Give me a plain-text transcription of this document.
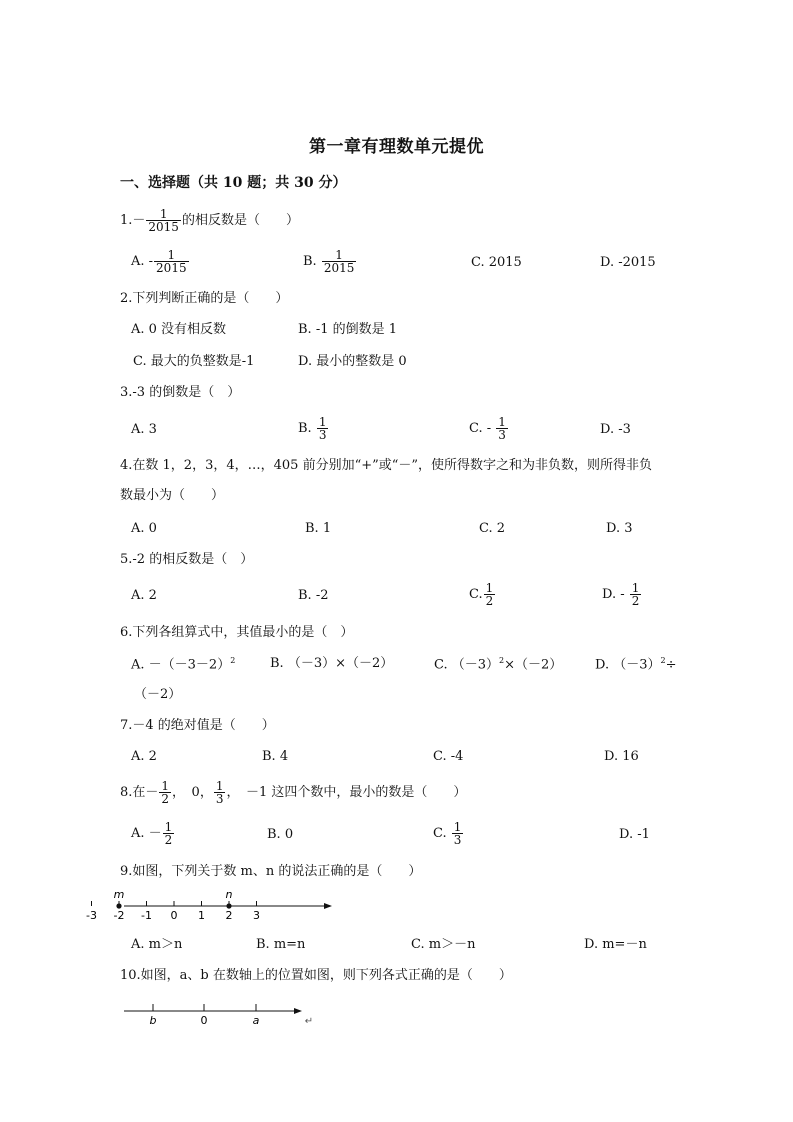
第一章有理数单元提优
一、选择题（共 10 题；共 30 分）
$1.- \frac{1}{2015}$ 的相反数是（　　）
A. - $\frac{1}{2015}$	B. $\frac{1}{2015}$	C. 2015	D. -2015
2.下列判断正确的是（　　）
A. 0 没有相反数	B. -1 的倒数是 1
C. 最大的负整数是-1	D. 最小的整数是 0
3.-3 的倒数是（　）
A. 3	B. $\frac{1}{3}$	C. - $\frac{1}{3}$	D. -3
4.在数 1，2，3，4，…，405 前分别加“+”或“－”，使所得数字之和为非负数，则所得非负
数最小为（　　）
A. 0	B. 1	C. 2	D. 3
5.-2 的相反数是（　）
A. 2	B. -2	C. $\frac{1}{2}$	D. - $\frac{1}{2}$
6.下列各组算式中，其值最小的是（　）
A. $-(-3-2)^2$	B. （－3）×（－2）	C. $(-3)^2\times(-2)$	D. $(-3)^2\div$
（－2）
7.－4 的绝对值是（　　）
A. 2	B. 4	C. -4	D. 16
8.在－ $\frac{1}{2}$ ，　0， $\frac{1}{3}$ ，　－1 这四个数中，最小的数是（　　）
A. － $\frac{1}{2}$	B. 0	C. $\frac{1}{3}$	D. -1
9.如图，下列关于数 m、n 的说法正确的是（　　）
-3 -2 -1 0 1 2 3
m	n
A. m＞n	B. m=n	C. m＞－n	D. m=－n
10.如图，a、b 在数轴上的位置如图，则下列各式正确的是（　　）
b	0	a	↵
